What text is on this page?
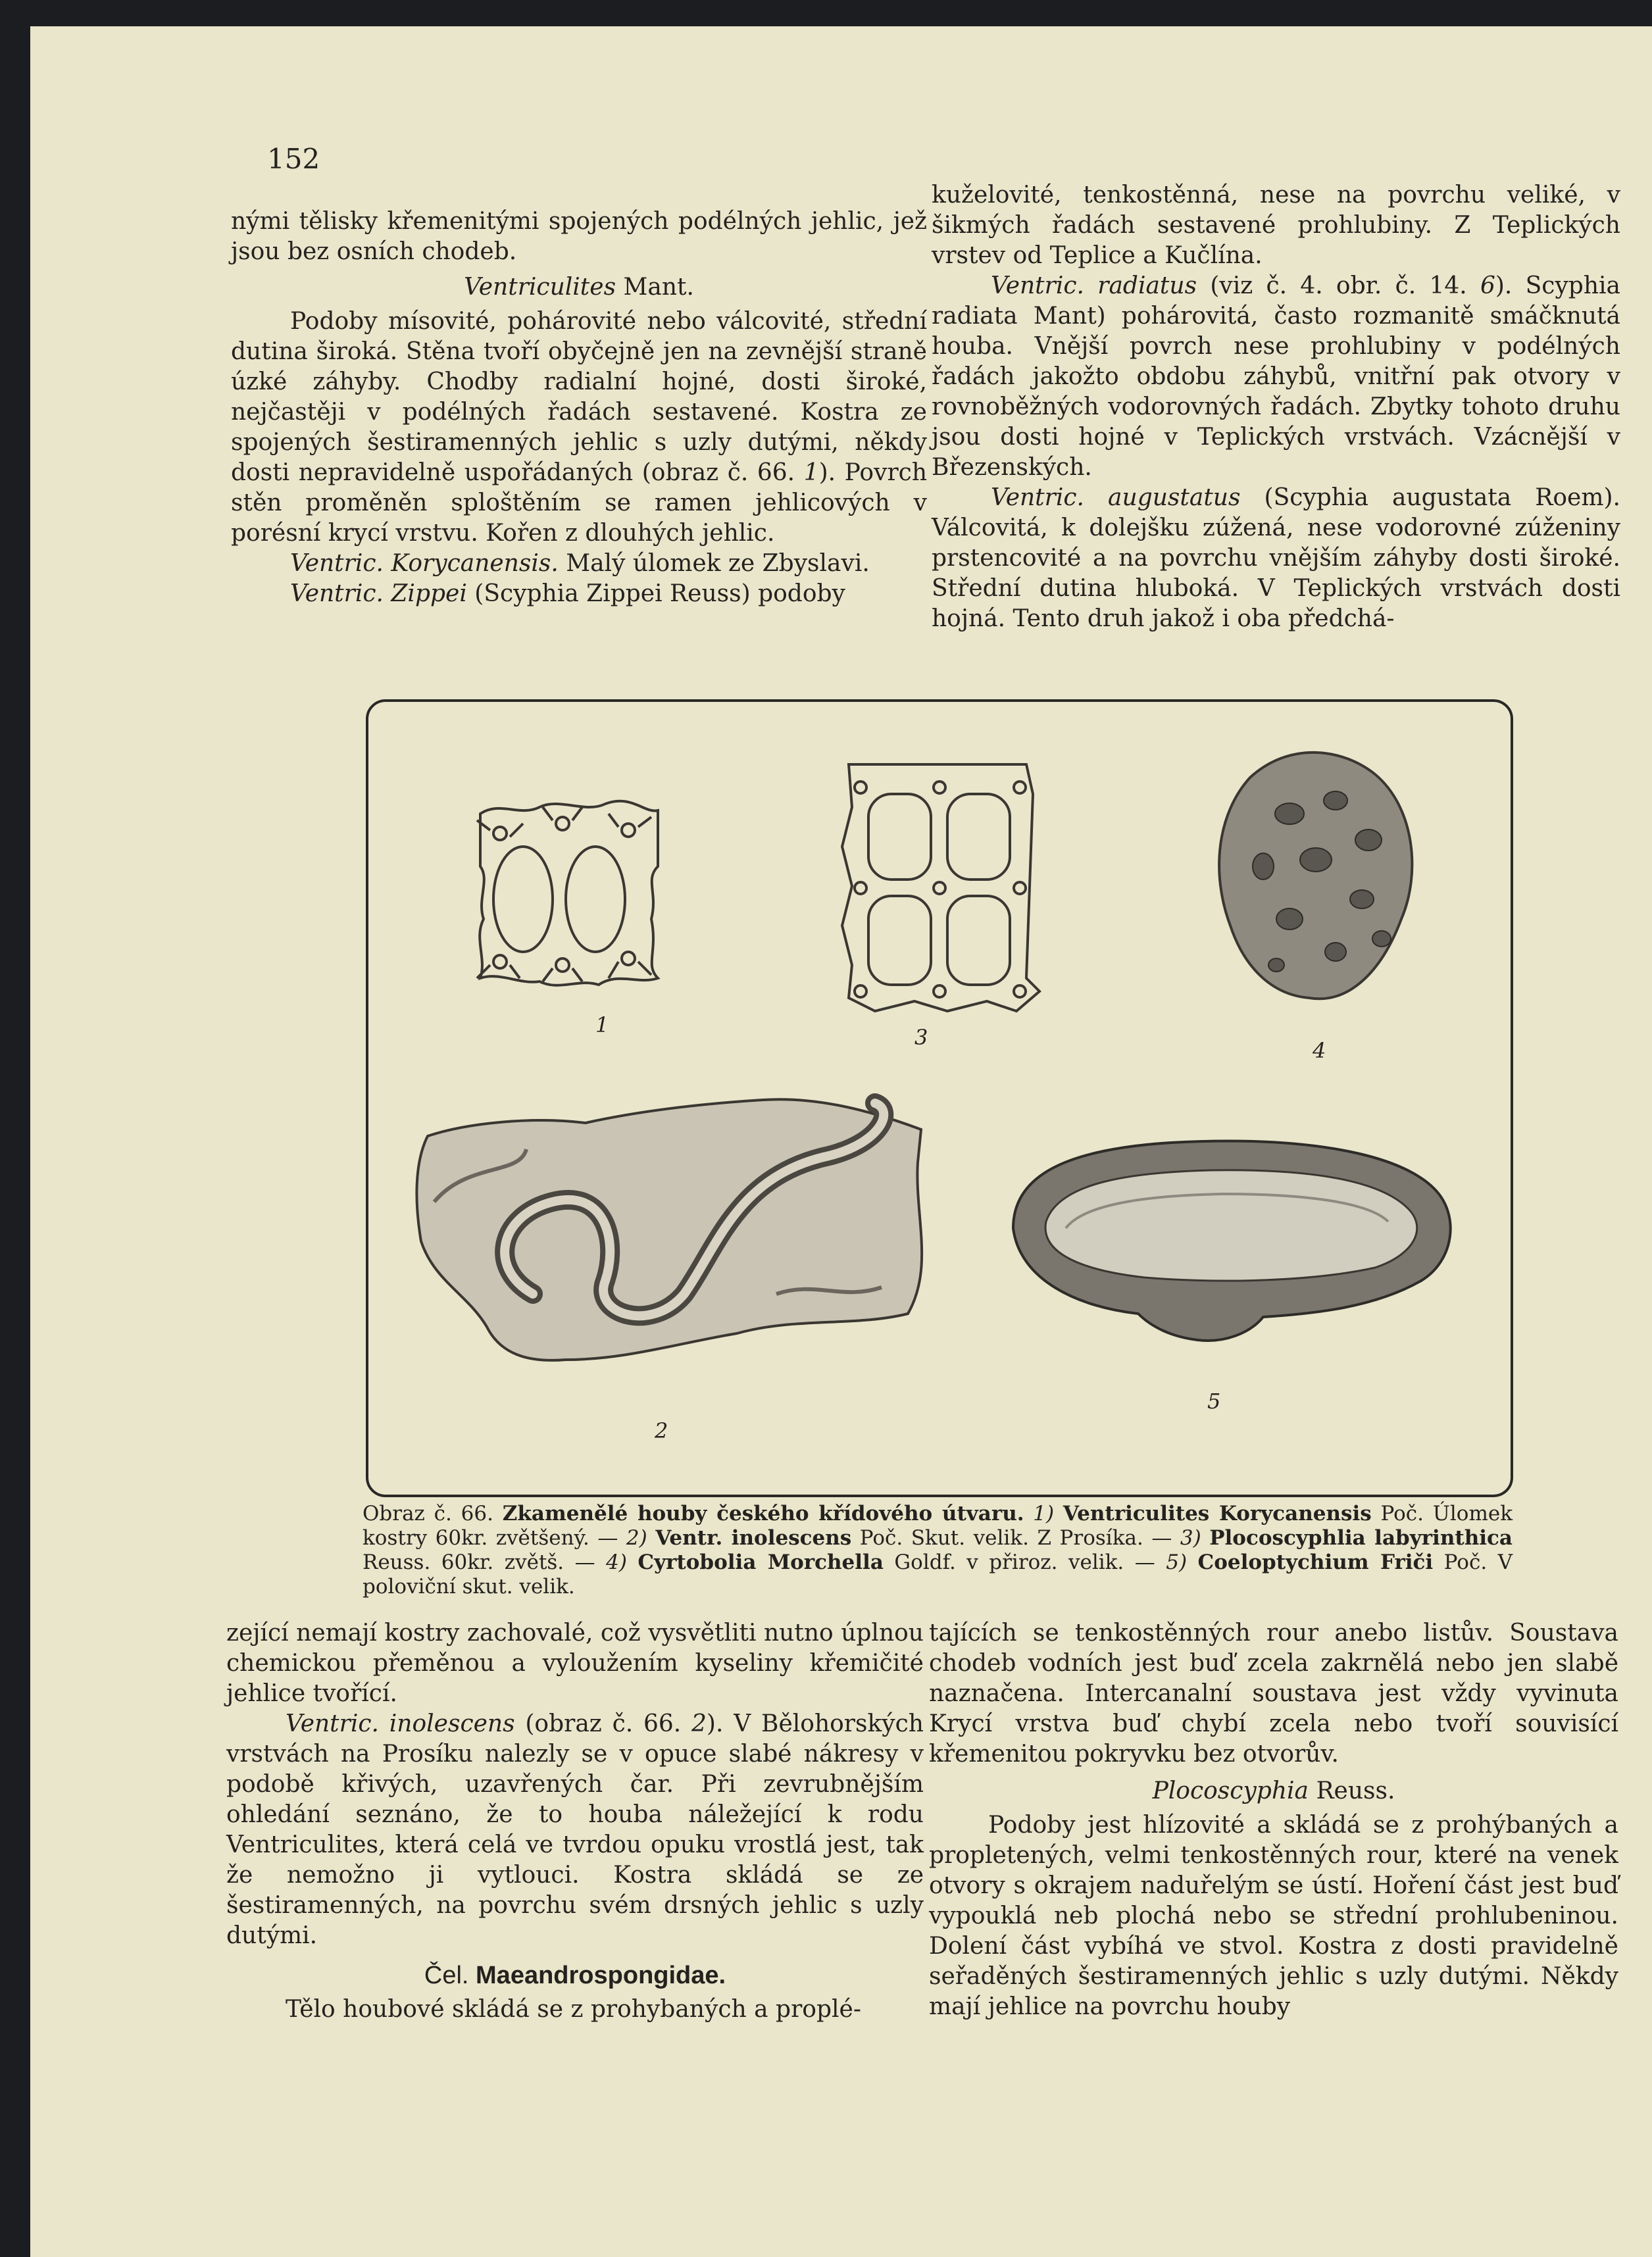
152

nými tělisky křemenitými spojených podélných jehlic, jež jsou bez osních chodeb.

Ventriculites Mant.

Podoby mísovité, pohárovité nebo válcovité, střední dutina široká. Stěna tvoří obyčejně jen na zevnější straně úzké záhyby. Chodby radialní hojné, dosti široké, nejčastěji v podélných řadách sestavené. Kostra ze spojených šestiramenných jehlic s uzly dutými, někdy dosti nepravidelně uspořádaných (obraz č. 66. 1). Povrch stěn proměněn sploštěním se ramen jehlicových v porésní krycí vrstvu. Kořen z dlouhých jehlic.

Ventric. Korycanensis. Malý úlomek ze Zbyslavi.

Ventric. Zippei (Scyphia Zippei Reuss) podoby

kuželovité, tenkostěnná, nese na povrchu veliké, v šikmých řadách sestavené prohlubiny. Z Teplických vrstev od Teplice a Kučlína.

Ventric. radiatus (viz č. 4. obr. č. 14. 6). Scyphia radiata Mant) pohárovitá, často rozmanitě smáčknutá houba. Vnější povrch nese prohlubiny v podélných řadách jakožto obdobu záhybů, vnitřní pak otvory v rovnoběžných vodorovných řadách. Zbytky tohoto druhu jsou dosti hojné v Teplických vrstvách. Vzácnější v Březenských.

Ventric. augustatus (Scyphia augustata Roem). Válcovitá, k dolejšku zúžená, nese vodorovné zúženiny prstencovité a na povrchu vnějším záhyby dosti široké. Střední dutina hluboká. V Teplických vrstvách dosti hojná. Tento druh jakož i oba předchá-

1	3
4
2
5

Obraz č. 66. Zkamenělé houby českého křídového útvaru. 1) Ventriculites Korycanensis Poč. Úlomek kostry 60kr. zvětšený. — 2) Ventr. inolescens Poč. Skut. velik. Z Prosíka. — 3) Plocoscyphlia labyrinthica Reuss. 60kr. zvětš. — 4) Cyrtobolia Morchella Goldf. v přiroz. velik. — 5) Coeloptychium Friči Poč. V poloviční skut. velik.

zející nemají kostry zachovalé, což vysvětliti nutno úplnou chemickou přeměnou a vyloužením kyseliny křemičité jehlice tvořící.

Ventric. inolescens (obraz č. 66. 2). V Bělohorských vrstvách na Prosíku nalezly se v opuce slabé nákresy v podobě křivých, uzavřených čar. Při zevrubnějším ohledání seznáno, že to houba náležející k rodu Ventriculites, která celá ve tvrdou opuku vrostlá jest, tak že nemožno ji vytlouci. Kostra skládá se ze šestiramenných, na povrchu svém drsných jehlic s uzly dutými.

Čel. Maeandrospongidae.

Tělo houbové skládá se z prohybaných a proplé-

tajících se tenkostěnných rour anebo listův. Soustava chodeb vodních jest buď zcela zakrnělá nebo jen slabě naznačena. Intercanalní soustava jest vždy vyvinuta Krycí vrstva buď chybí zcela nebo tvoří souvisící křemenitou pokryvku bez otvorův.

Plocoscyphia Reuss.

Podoby jest hlízovité a skládá se z prohýbaných a propletených, velmi tenkostěnných rour, které na venek otvory s okrajem naduřelým se ústí. Hoření část jest buď vypouklá neb plochá nebo se střední prohlubeninou. Dolení část vybíhá ve stvol. Kostra z dosti pravidelně seřaděných šestiramenných jehlic s uzly dutými. Někdy mají jehlice na povrchu houby
